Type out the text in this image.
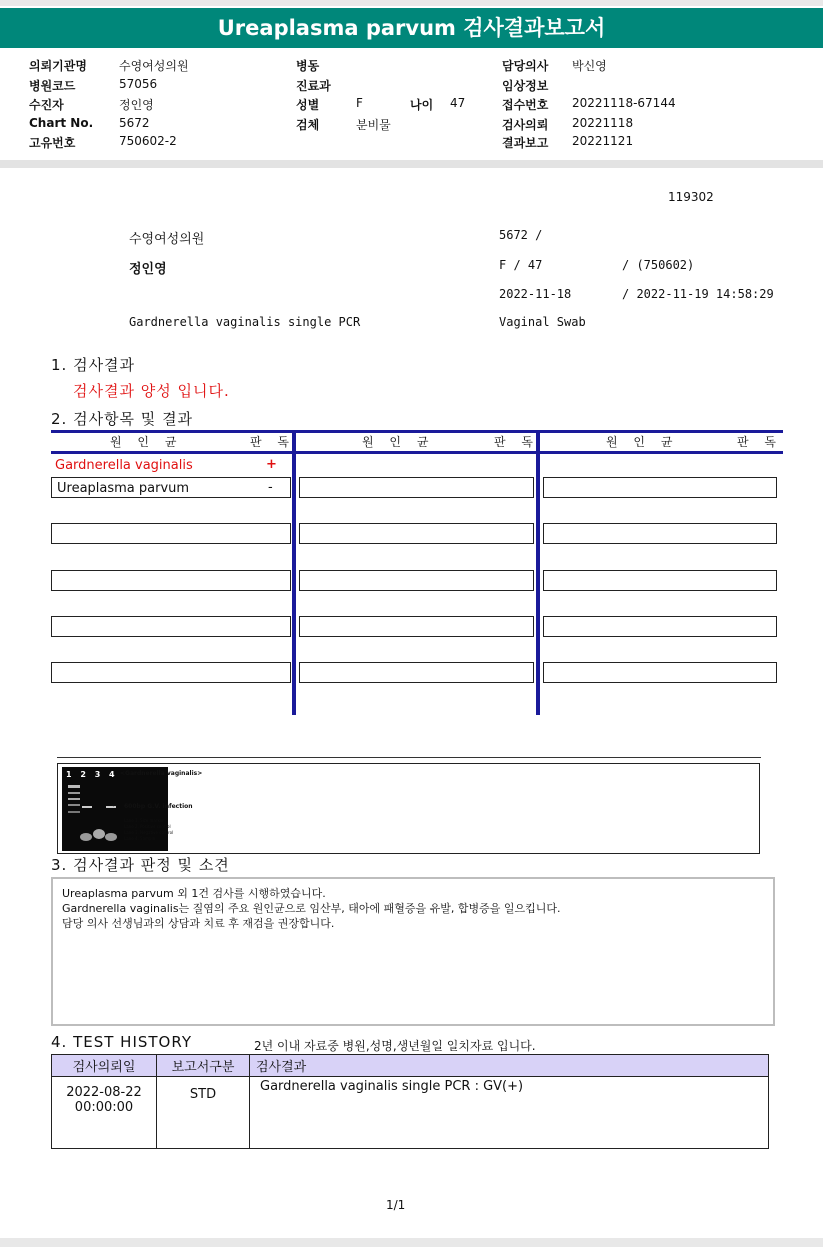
Ureaplasma parvum 검사결과보고서
의뢰기관명	수영여성의원
병원코드	57056
수진자	정인영
Chart No. 5672
고유번호	750602-2
병동
진료과
성별	F	나이 47
검체	분비물
담당의사 박신영
임상정보
접수번호 20221118-67144
검사의뢰 20221118
결과보고 20221121
119302
수영여성의원	5672 /
정인영	F / 47	/ (750602)
2022-11-18	/ 2022-11-19 14:58:29
Gardnerella vaginalis single PCR	Vaginal Swab
1. 검사결과
검사결과 양성 입니다.
2. 검사항목 및 결과
원 인 균	판 독	원 인 균	판 독	원 인 균	판 독
Gardnerella vaginalis	+
Ureaplasma parvum	-
1 2 3 4 <Gardnerella vaginalis>
← 600bp G.V. infection
Lane 1. Size marker
Lane 2. Positive control
Lane 3. Negative control
Lane 4. Sample
3. 검사결과 판정 및 소견
Ureaplasma parvum 외 1건 검사를 시행하였습니다.
Gardnerella vaginalis는 질염의 주요 원인균으로 임산부, 태아에 패혈증을 유발, 합병증을 일으킵니다.
담당 의사 선생님과의 상담과 치료 후 재검을 권장합니다.
4. TEST HISTORY	2년 이내 자료중 병원,성명,생년월일 일치자료 입니다.
검사의뢰일	보고서구분	검사결과

2022-08-22
00:00:00	STD	Gardnerella vaginalis single PCR : GV(+)
1/1
